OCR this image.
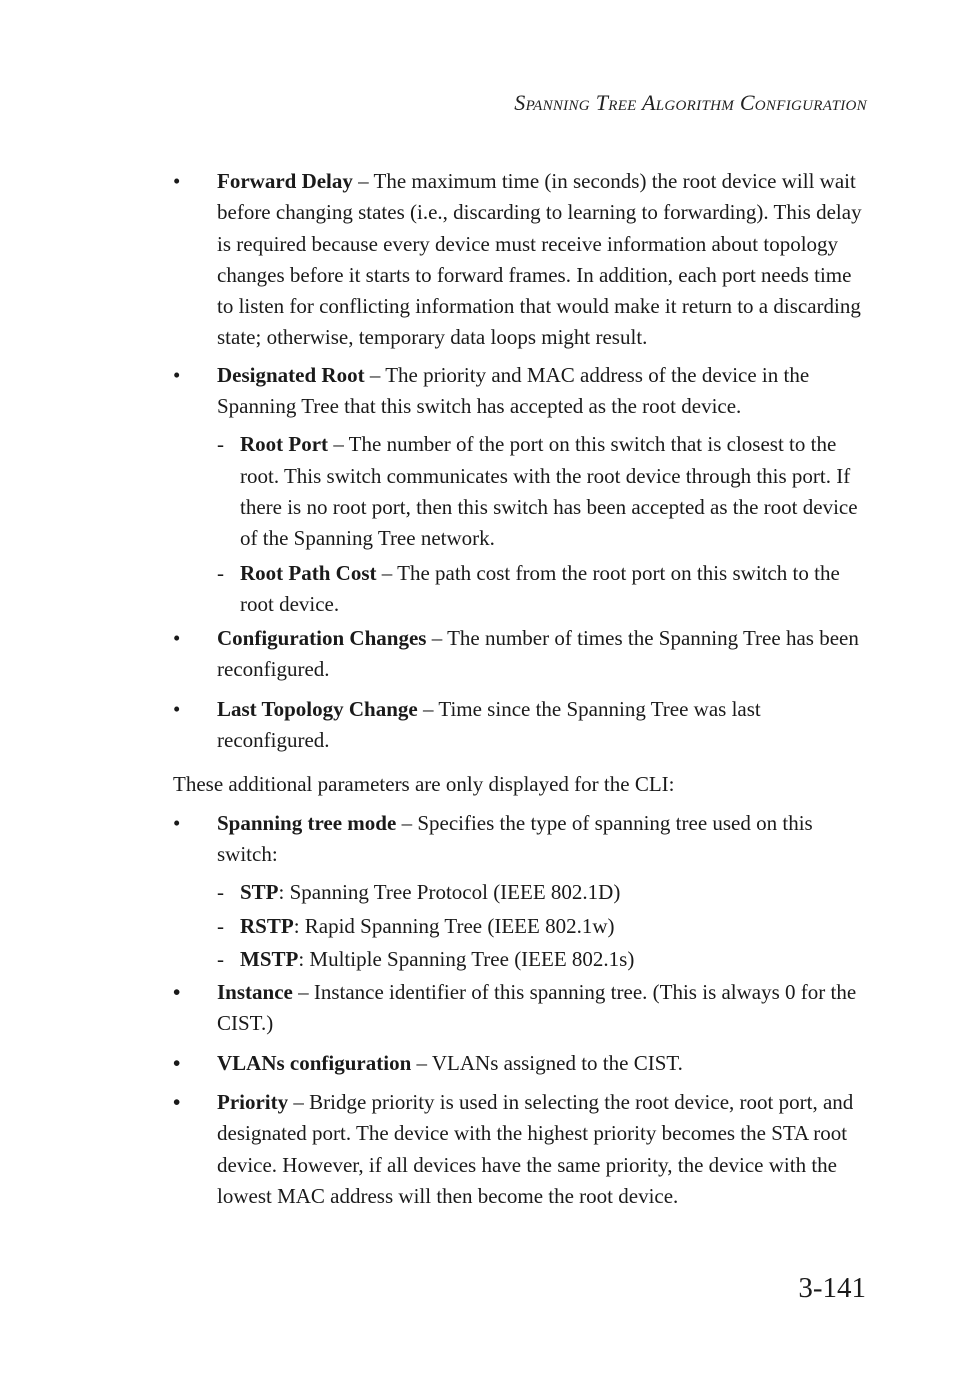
Spanning Tree Algorithm Configuration
•	Forward Delay – The maximum time (in seconds) the root device will wait before changing states (i.e., discarding to learning to forwarding). This delay is required because every device must receive information about topology changes before it starts to forward frames. In addition, each port needs time to listen for conflicting information that would make it return to a discarding state; otherwise, temporary data loops might result.
•	Designated Root – The priority and MAC address of the device in the Spanning Tree that this switch has accepted as the root device.
- Root Port – The number of the port on this switch that is closest to the root. This switch communicates with the root device through this port. If there is no root port, then this switch has been accepted as the root device of the Spanning Tree network.
- Root Path Cost – The path cost from the root port on this switch to the root device.
•	Configuration Changes – The number of times the Spanning Tree has been reconfigured.
•	Last Topology Change – Time since the Spanning Tree was last reconfigured.
These additional parameters are only displayed for the CLI:
•	Spanning tree mode – Specifies the type of spanning tree used on this switch:
- STP: Spanning Tree Protocol (IEEE 802.1D)
- RSTP: Rapid Spanning Tree (IEEE 802.1w)
- MSTP: Multiple Spanning Tree (IEEE 802.1s)
•	Instance – Instance identifier of this spanning tree. (This is always 0 for the CIST.)
•	VLANs configuration – VLANs assigned to the CIST.
•	Priority – Bridge priority is used in selecting the root device, root port, and designated port. The device with the highest priority becomes the STA root device. However, if all devices have the same priority, the device with the lowest MAC address will then become the root device.
3-141
